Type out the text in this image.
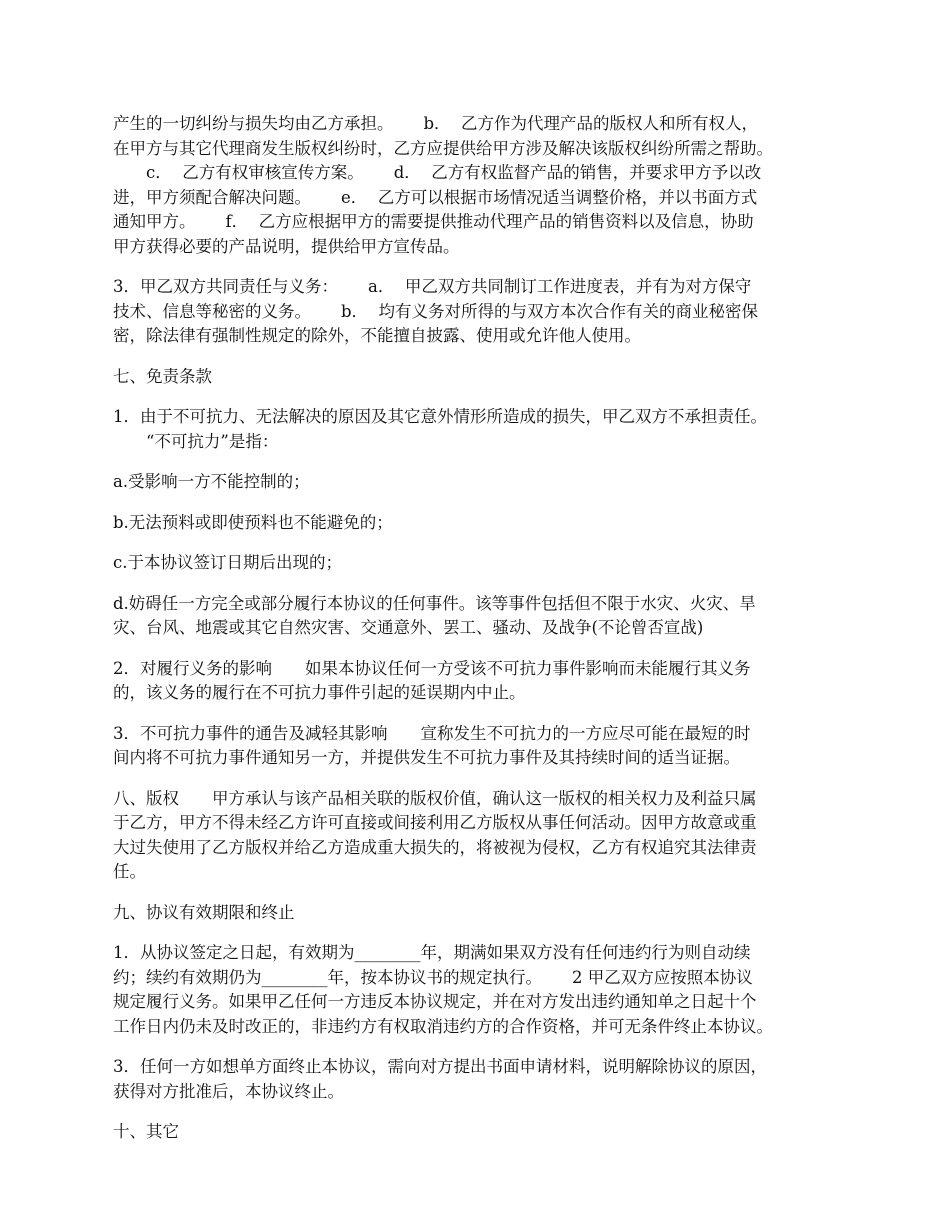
产生的一切纠纷与损失均由乙方承担。　　 b．  乙方作为代理产品的版权人和所有权人，
在甲方与其它代理商发生版权纠纷时，乙方应提供给甲方涉及解决该版权纠纷所需之帮助。
　　c．  乙方有权审核宣传方案。　　 d．  乙方有权监督产品的销售，并要求甲方予以改
进，甲方须配合解决问题。　　 e．  乙方可以根据市场情况适当调整价格，并以书面方式
通知甲方。　　 f．  乙方应根据甲方的需要提供推动代理产品的销售资料以及信息，协助
甲方获得必要的产品说明，提供给甲方宣传品。

3．甲乙双方共同责任与义务：　　 a．  甲乙双方共同制订工作进度表，并有为对方保守
技术、信息等秘密的义务。　　 b．  均有义务对所得的与双方本次合作有关的商业秘密保
密，除法律有强制性规定的除外，不能擅自披露、使用或允许他人使用。

七、免责条款

1．由于不可抗力、无法解决的原因及其它意外情形所造成的损失，甲乙双方不承担责任。
　　“不可抗力”是指：

a.受影响一方不能控制的；

b.无法预料或即使预料也不能避免的；

c.于本协议签订日期后出现的；

d.妨碍任一方完全或部分履行本协议的任何事件。该等事件包括但不限于水灾、火灾、旱
灾、台风、地震或其它自然灾害、交通意外、罢工、骚动、及战争(不论曾否宣战)

2．对履行义务的影响　　如果本协议任何一方受该不可抗力事件影响而未能履行其义务
的，该义务的履行在不可抗力事件引起的延误期内中止。

3．不可抗力事件的通告及减轻其影响　　宣称发生不可抗力的一方应尽可能在最短的时
间内将不可抗力事件通知另一方，并提供发生不可抗力事件及其持续时间的适当证据。

八、版权　　甲方承认与该产品相关联的版权价值，确认这一版权的相关权力及利益只属
于乙方，甲方不得未经乙方许可直接或间接利用乙方版权从事任何活动。因甲方故意或重
大过失使用了乙方版权并给乙方造成重大损失的，将被视为侵权，乙方有权追究其法律责
任。

九、协议有效期限和终止

1．从协议签定之日起，有效期为________年，期满如果双方没有任何违约行为则自动续
约；续约有效期仍为________年，按本协议书的规定执行。　　 2 甲乙双方应按照本协议
规定履行义务。如果甲乙任何一方违反本协议规定，并在对方发出违约通知单之日起十个
工作日内仍未及时改正的，非违约方有权取消违约方的合作资格，并可无条件终止本协议。

3．任何一方如想单方面终止本协议，需向对方提出书面申请材料，说明解除协议的原因，
获得对方批准后，本协议终止。

十、其它
